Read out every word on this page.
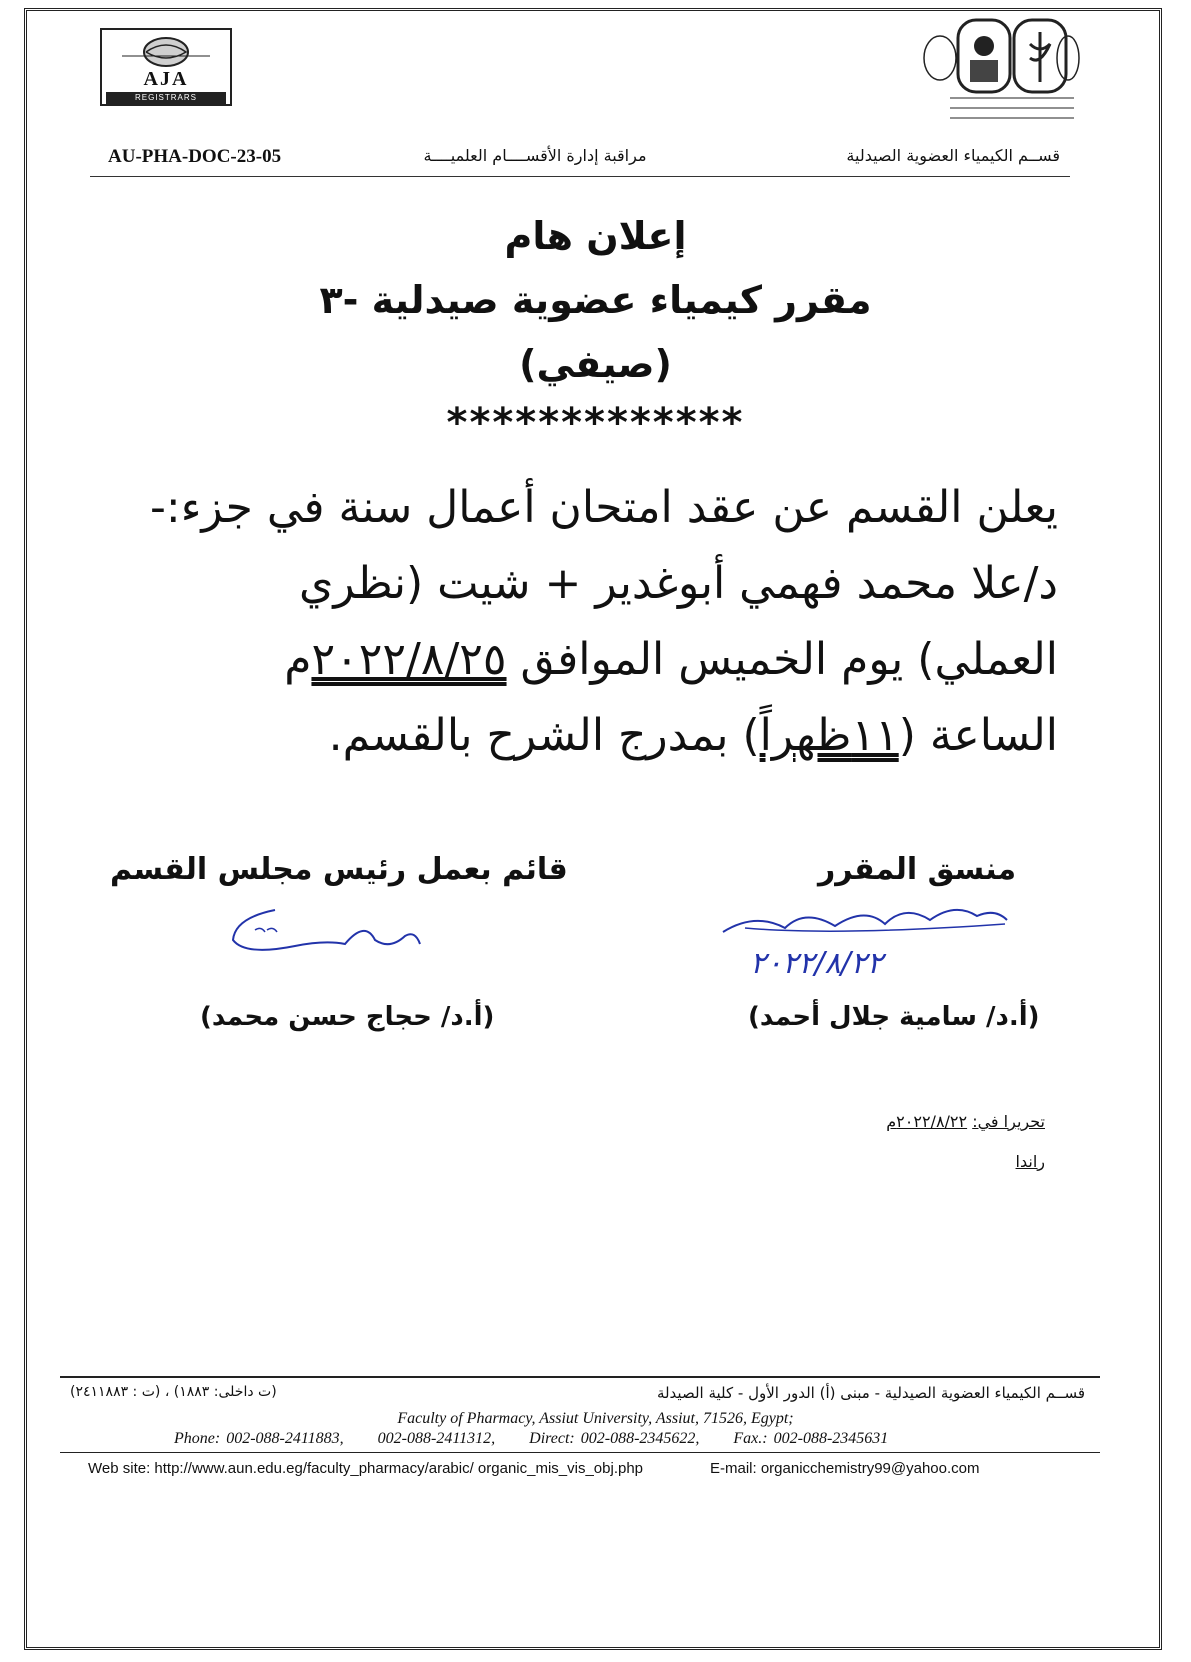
AJA
REGISTRARS
AU-PHA-DOC-23-05	مراقبة إدارة الأقســــام العلميــــة	قســم الكيمياء العضوية الصيدلية
إعلان هام
مقرر كيمياء عضوية صيدلية -٣
(صيفي)
*************
يعلن القسم عن عقد امتحان أعمال سنة في جزء:-
د/علا محمد فهمي أبوغدير + شيت (نظري
العملي) يوم الخميس الموافق ٢٠٢٢/٨/٢٥م
الساعة (١١ظهراً) بمدرج الشرح بالقسم.
منسق المقرر
قائم بعمل رئيس مجلس القسم
٢٠٢٢/٨/٢٢
(أ.د/ سامية جلال أحمد)
(أ.د/ حجاج حسن محمد)
تحريرا في: ٢٠٢٢/٨/٢٢م
راندا
قســم الكيمياء العضوية الصيدلية - مبنى (أ) الدور الأول - كلية الصيدلة
(ت داخلى: ١٨٨٣) ، (ت : ٢٤١١٨٨٣)
Faculty of Pharmacy, Assiut University, Assiut, 71526, Egypt;
Phone: 002-088-2411883, 002-088-2411312, Direct: 002-088-2345622, Fax.: 002-088-2345631
Web site: http://www.aun.edu.eg/faculty_pharmacy/arabic/ organic_mis_vis_obj.php	E-mail: organicchemistry99@yahoo.com
